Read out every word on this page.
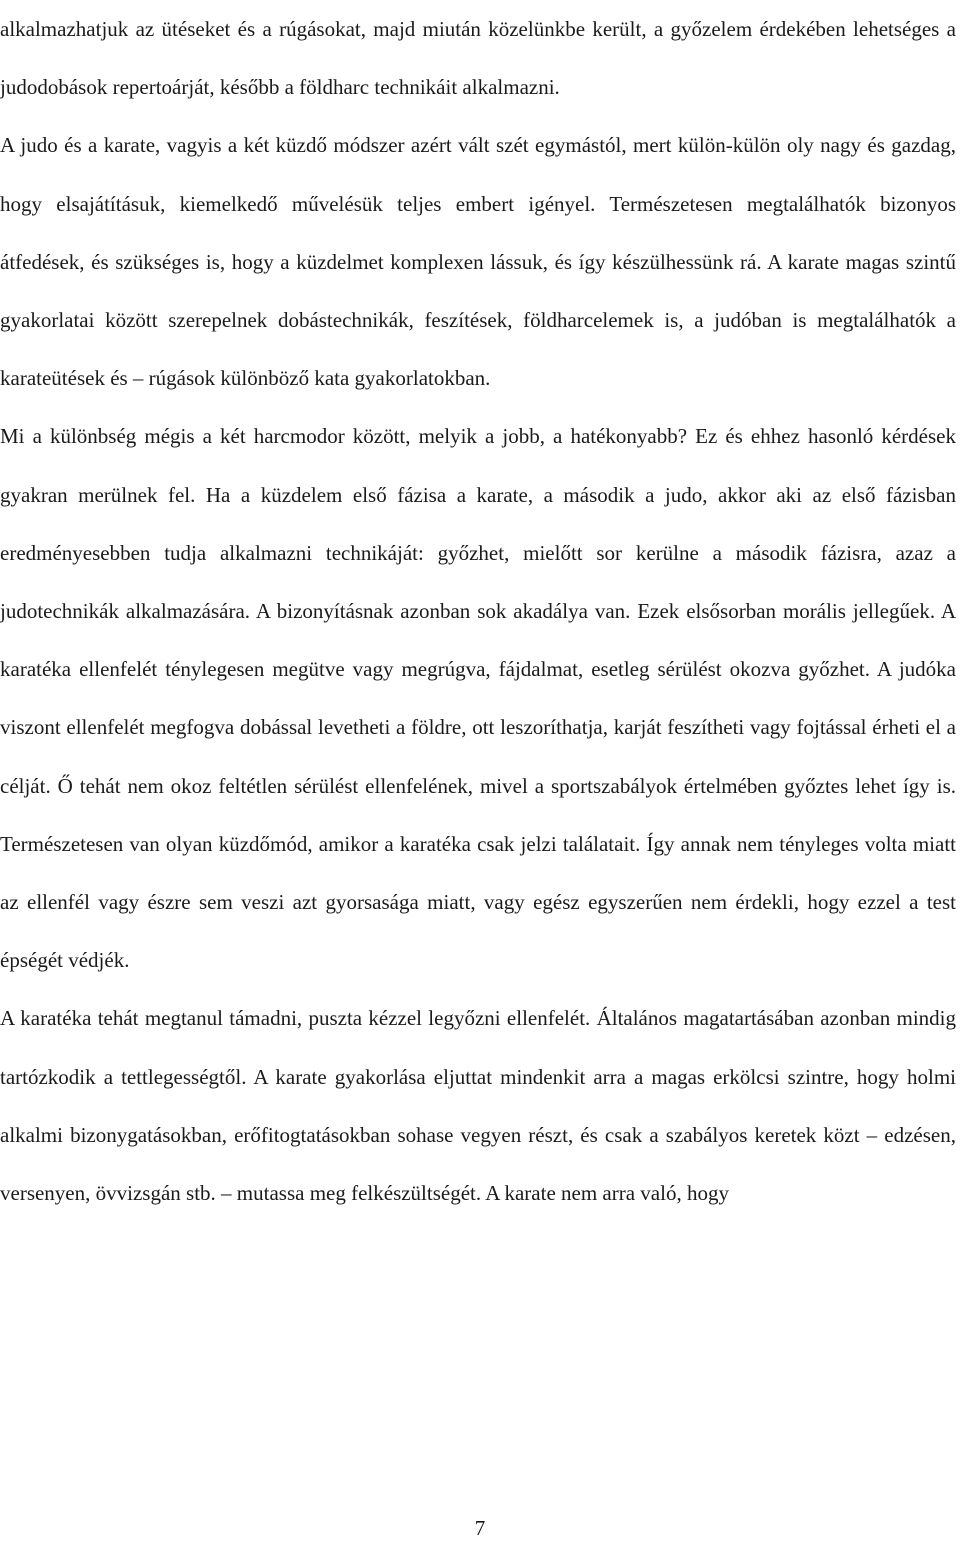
alkalmazhatjuk az ütéseket és a rúgásokat, majd miután közelünkbe került, a győzelem érdekében lehetséges a judodobások repertoárját, később a földharc technikáit alkalmazni.

A judo és a karate, vagyis a két küzdő módszer azért vált szét egymástól, mert külön-külön oly nagy és gazdag, hogy elsajátításuk, kiemelkedő művelésük teljes embert igényel. Természetesen megtalálhatók bizonyos átfedések, és szükséges is, hogy a küzdelmet komplexen lássuk, és így készülhessünk rá. A karate magas szintű gyakorlatai között szerepelnek dobástechnikák, feszítések, földharcelemek is, a judóban is megtalálhatók a karateütések és – rúgások különböző kata gyakorlatokban.

Mi a különbség mégis a két harcmodor között, melyik a jobb, a hatékonyabb? Ez és ehhez hasonló kérdések gyakran merülnek fel. Ha a küzdelem első fázisa a karate, a második a judo, akkor aki az első fázisban eredményesebben tudja alkalmazni technikáját: győzhet, mielőtt sor kerülne a második fázisra, azaz a judotechnikák alkalmazására. A bizonyításnak azonban sok akadálya van. Ezek elsősorban morális jellegűek. A karatéka ellenfelét ténylegesen megütve vagy megrúgva, fájdalmat, esetleg sérülést okozva győzhet. A judóka viszont ellenfelét megfogva dobással levetheti a földre, ott leszoríthatja, karját feszítheti vagy fojtással érheti el a célját. Ő tehát nem okoz feltétlen sérülést ellenfelének, mivel a sportszabályok értelmében győztes lehet így is. Természetesen van olyan küzdőmód, amikor a karatéka csak jelzi találatait. Így annak nem tényleges volta miatt az ellenfél vagy észre sem veszi azt gyorsasága miatt, vagy egész egyszerűen nem érdekli, hogy ezzel a test épségét védjék.

A karatéka tehát megtanul támadni, puszta kézzel legyőzni ellenfelét. Általános magatartásában azonban mindig tartózkodik a tettlegességtől. A karate gyakorlása eljuttat mindenkit arra a magas erkölcsi szintre, hogy holmi alkalmi bizonygatásokban, erőfitogtatásokban sohase vegyen részt, és csak a szabályos keretek közt – edzésen, versenyen, övvizsgán stb. – mutassa meg felkészültségét. A karate nem arra való, hogy

7
